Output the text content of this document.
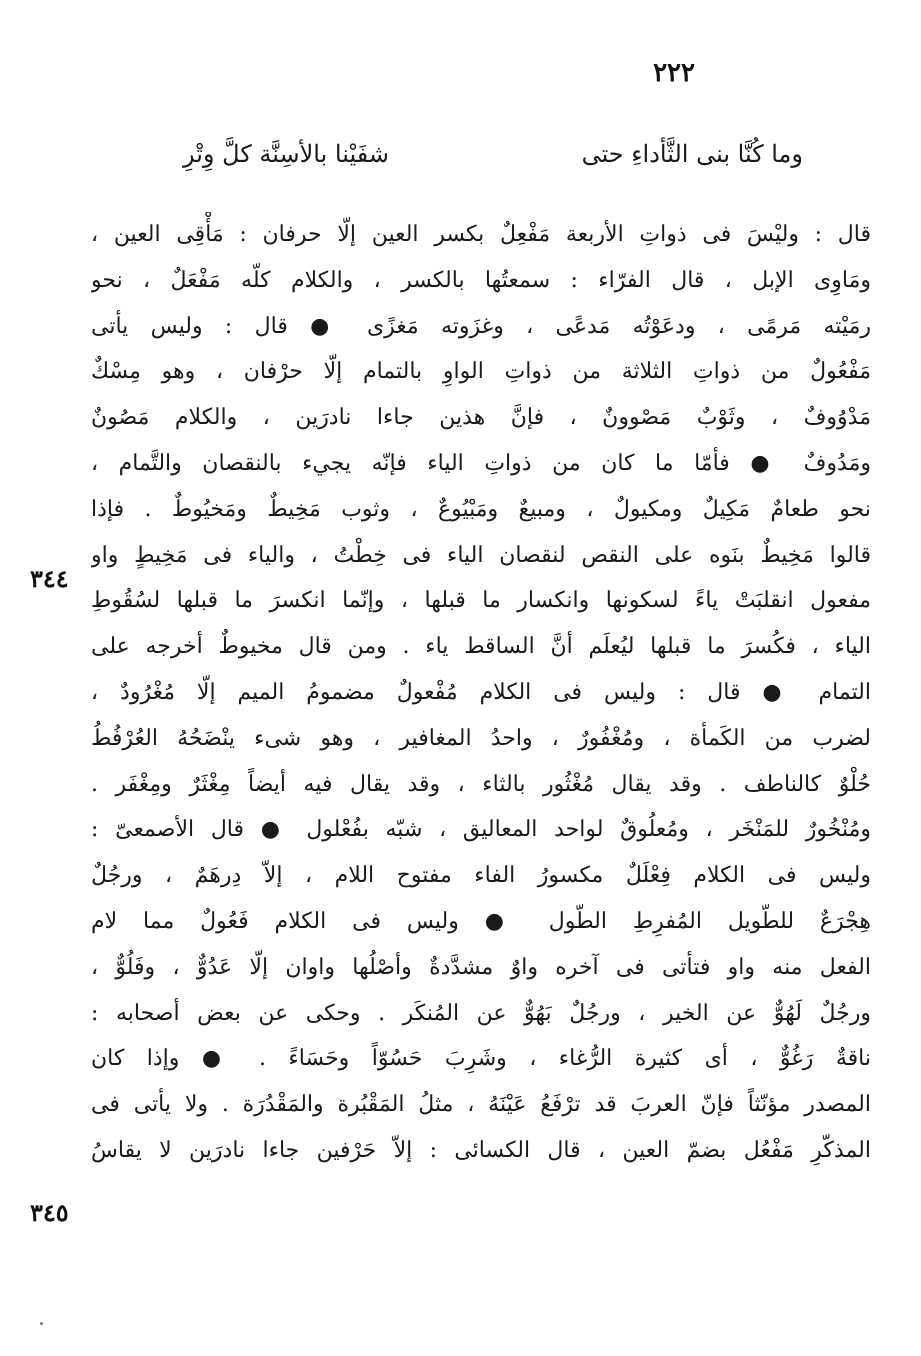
٢٢٢
وما كُنَّا بنى الثَّأداءِ حتى
شفَيْنا بالأسِنَّة كلَّ وِتْرِ
قال : وليْسَ فى ذواتِ الأربعة مَفْعِلٌ بكسر العين إلّا حرفان : مَأْقِى العين ،
ومَاوِى الإبل ، قال الفرّاء : سمعتُها بالكسر ، والكلام كلّه مَفْعَلٌ ، نحو
رمَيْته مَرمًى ، ودعَوْتُه مَدعًى ، وغزَوته مَغزًى ● قال : وليس يأتى
مَفْعُولٌ من ذواتِ الثلاثة من ذواتِ الواوِ بالتمام إلّا حرْفان ، وهو مِسْكٌ
مَدْوُوفٌ ، وثَوْبٌ مَصْوونٌ ، فإنَّ هذين جاءا نادرَين ، والكلام مَصُونٌ
ومَدُوفٌ ● فأمّا ما كان من ذواتِ الياء فإنّه يجيء بالنقصان والتَّمام ،
نحو طعامٌ مَكِيلٌ ومكيولٌ ، ومبيعٌ ومَبْيُوعٌ ، وثوب مَخِيطٌ ومَخيُوطٌ . فإذا
قالوا مَخِيطٌ بنَوه على النقص لنقصان الياء فى خِطْتُ ، والياء فى مَخِيطٍ واو
مفعول انقلبَتْ ياءً لسكونها وانكسار ما قبلها ، وإنّما انكسرَ ما قبلها لسُقُوطِ
الياء ، فكُسرَ ما قبلها ليُعلَم أنَّ الساقط ياء . ومن قال مخيوطٌ أخرجه على
التمام ● قال : وليس فى الكلام مُفْعولٌ مضمومُ الميم إلّا مُغْرُودٌ ،
لضرب من الكَمأة ، ومُغْفُورٌ ، واحدُ المغافير ، وهو شىء ينْضَحُهُ العُرْفُطُ
حُلْوٌ كالناطف . وقد يقال مُغْثُور بالثاء ، وقد يقال فيه أيضاً مِغْثَرٌ ومِغْفَر .
ومُنْخُورٌ للمَنْخَر ، ومُعلُوقٌ لواحد المعاليق ، شبّه بفُعْلول ● قال الأصمعىّ :
وليس فى الكلام فِعْلَلٌ مكسورُ الفاء مفتوح اللام ، إلاّ دِرهَمٌ ، ورجُلٌ
هِجْرَعٌ للطّويل المُفرِطِ الطّول ● وليس فى الكلام فَعُولٌ مما لام
الفعل منه واو فتأتى فى آخره واوٌ مشدَّدةٌ وأصْلُها واوان إلّا عَدُوٌّ ، وفَلُوٌّ ،
ورجُلٌ لَهُوٌّ عن الخير ، ورجُلٌ بَهُوٌّ عن المُنكَر . وحكى عن بعض أصحابه :
ناقةٌ رَغُوٌّ ، أى كثيرة الرُّغاء ، وشَرِبَ حَسُوّاً وحَسَاءً . ● وإذا كان
المصدر مؤنّثاً فإنّ العربَ قد ترْفَعُ عَيْنَهُ ، مثلُ المَقْبُرة والمَقْدُرَة . ولا يأتى فى
المذكّرِ مَفْعُل بضمّ العين ، قال الكسائى : إلاّ حَرْفين جاءا نادرَين لا يقاسُ
٣٤٤
٣٤٥
